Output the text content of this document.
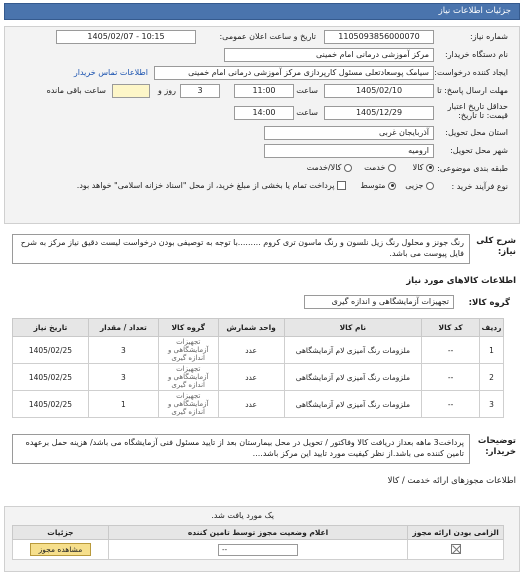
جزئیات اطلاعات نیاز
شماره نیاز:
1105093856000070
تاریخ و ساعت اعلان عمومی:
1405/02/07 - 10:15
نام دستگاه خریدار:
مرکز آموزشی درمانی امام خمینی
ایجاد کننده درخواست:
سیامک پوسعادتعلی مسئول کارپردازی مرکز آموزشی درمانی امام خمینی
اطلاعات تماس خریدار
مهلت ارسال پاسخ: تا
1405/02/10
ساعت
11:00
3
روز و
ساعت باقی مانده
حداقل تاریخ اعتبار
قیمت: تا تاریخ:
1405/12/29
ساعت
14:00
استان محل تحویل:
آذربایجان غربی
شهر محل تحویل:
ارومیه
طبقه بندی موضوعی:
کالا
خدمت
کالا/خدمت
نوع فرآیند خرید :
جزیی
متوسط
پرداخت تمام یا بخشی از مبلغ خرید، از محل "اسناد خزانه اسلامی" خواهد بود.
شرح کلی
نیاز:
رنگ جونز و محلول رنگ زیل نلسون و رنگ ماسون تری کروم .........با توجه به توصیفی بودن درخواست لیست دقیق نیاز مرکز به شرح فایل پیوست می باشد.
اطلاعات کالاهای مورد نیاز
گروه کالا:
تجهیزات آزمایشگاهی و اندازه گیری
ردیف	کد کالا	نام کالا	واحد شمارش	گروه کالا	تعداد / مقدار	تاریخ نیاز
1	--	ملزومات رنگ آمیزی لام آزمایشگاهی	عدد	تجهیزات آزمایشگاهی و اندازه گیری	3	1405/02/25
2	--	ملزومات رنگ آمیزی لام آزمایشگاهی	عدد	تجهیزات آزمایشگاهی و اندازه گیری	3	1405/02/25
3	--	ملزومات رنگ آمیزی لام آزمایشگاهی	عدد	تجهیزات آزمایشگاهی و اندازه گیری	1	1405/02/25
توضیحات
خریدار:
پرداخت3 ماهه بعداز دریافت کالا وفاکتور / تحویل در محل بیمارستان بعد از تایید مسئول فنی آزمایشگاه می باشد/ هزینه حمل برعهده تامین کننده می باشد.از نظر کیفیت مورد تایید این مرکز باشد....
اطلاعات مجوزهای ارائه خدمت / کالا
یک مورد یافت شد.
الزامی بودن ارائه مجوز	اعلام وضعیت مجوز توسط تامین کننده	جزئیات
	--	مشاهده مجوز
